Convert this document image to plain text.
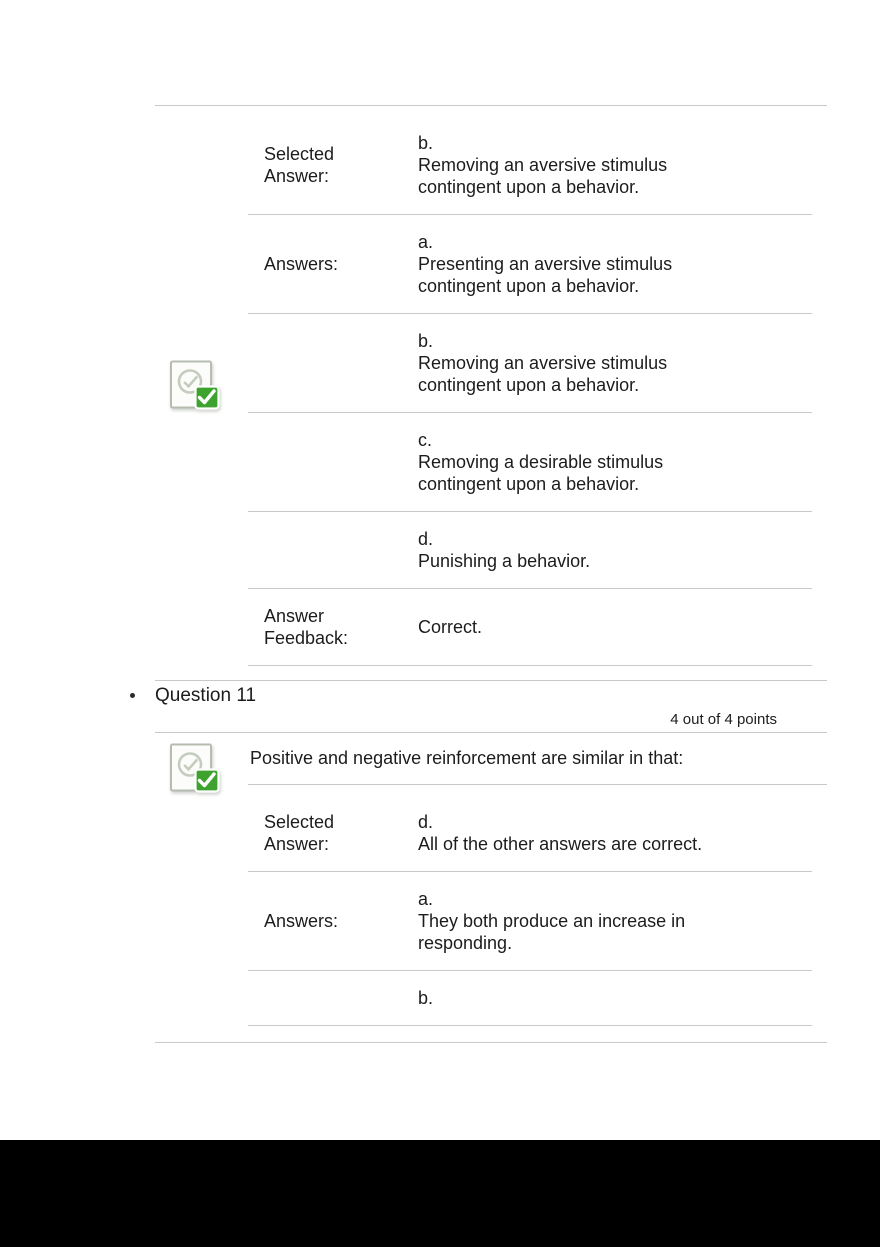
Selected Answer:
b.
Removing an aversive stimulus contingent upon a behavior.
Answers:
a.
Presenting an aversive stimulus contingent upon a behavior.
b.
Removing an aversive stimulus contingent upon a behavior.
c.
Removing a desirable stimulus contingent upon a behavior.
d.
Punishing a behavior.
Answer Feedback:
Correct.
Question 11
4 out of 4 points
Positive and negative reinforcement are similar in that:
Selected Answer:
d.
All of the other answers are correct.
Answers:
a.
They both produce an increase in responding.
b.
